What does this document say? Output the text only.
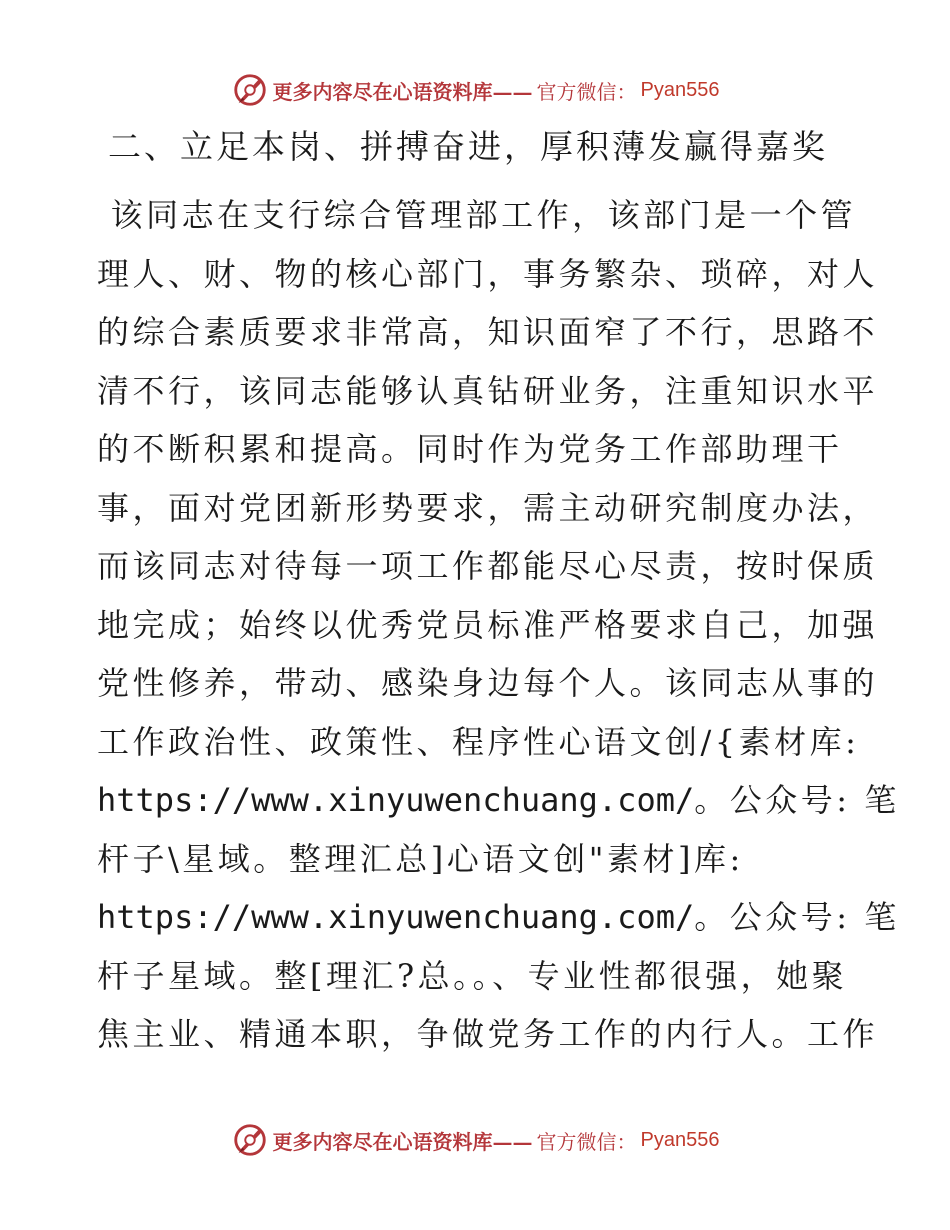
更多内容尽在心语资料库—— 官方微信： Pyan556
二、立足本岗、拼搏奋进，厚积薄发赢得嘉奖
该同志在支行综合管理部工作，该部门是一个管
理人、财、物的核心部门，事务繁杂、琐碎，对人
的综合素质要求非常高，知识面窄了不行，思路不
清不行，该同志能够认真钻研业务，注重知识水平
的不断积累和提高。同时作为党务工作部助理干
事，面对党团新形势要求，需主动研究制度办法，
而该同志对待每一项工作都能尽心尽责，按时保质
地完成；始终以优秀党员标准严格要求自己，加强
党性修养，带动、感染身边每个人。该同志从事的
工作政治性、政策性、程序性心语文创/{素材库:
https://www.xinyuwenchuang.com/。公众号: 笔
杆子\星域。整理汇总]心语文创"素材]库:
https://www.xinyuwenchuang.com/。公众号: 笔
杆子星域。整[理汇?总。。、专业性都很强，她聚
焦主业、精通本职，争做党务工作的内行人。工作
更多内容尽在心语资料库—— 官方微信： Pyan556
